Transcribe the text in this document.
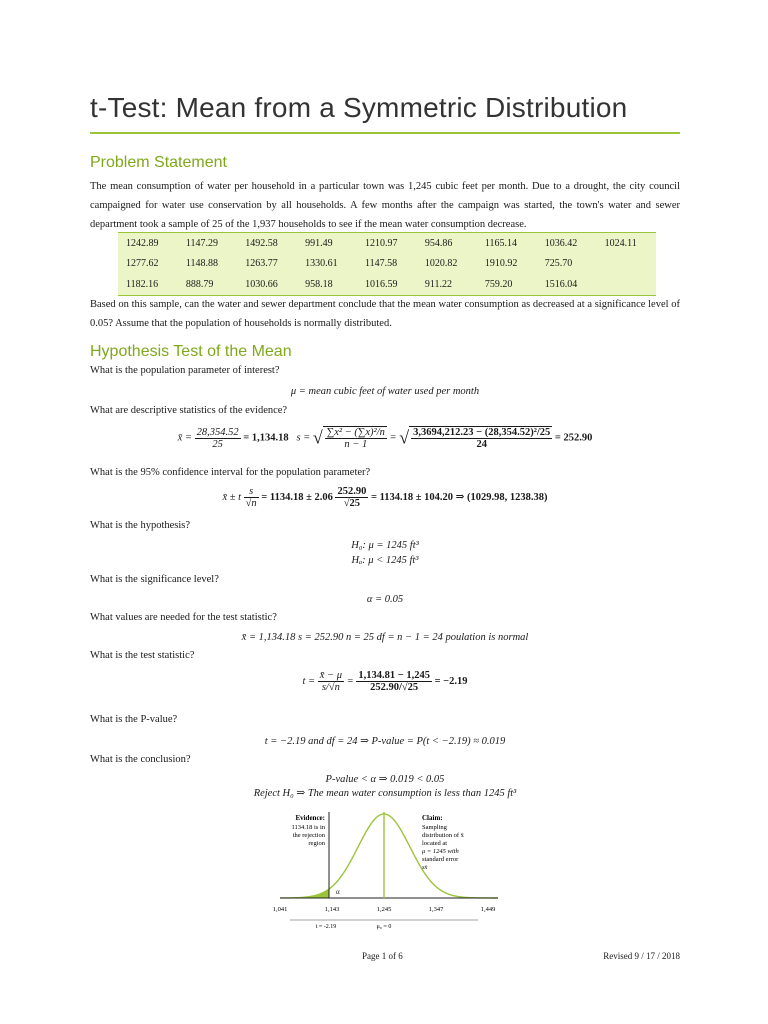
t-Test: Mean from a Symmetric Distribution
Problem Statement
The mean consumption of water per household in a particular town was 1,245 cubic feet per month. Due to a drought, the city council campaigned for water use conservation by all households. A few months after the campaign was started, the town's water and sewer department took a sample of 25 of the 1,937 households to see if the mean water consumption decrease.
1242.89	1147.29	1492.58	991.49	1210.97	954.86	1165.14	1036.42	1024.11
1277.62	1148.88	1263.77	1330.61	1147.58	1020.82	1910.92	725.70	
1182.16	888.79	1030.66	958.18	1016.59	911.22	759.20	1516.04	
Based on this sample, can the water and sewer department conclude that the mean water consumption as decreased at a significance level of 0.05? Assume that the population of households is normally distributed.
Hypothesis Test of the Mean
What is the population parameter of interest?
μ = mean cubic feet of water used per month
What are descriptive statistics of the evidence?
x̄ = $\frac{28,354.52}{25} = 1,134.18$ s = √ $\frac{\text{∑x² − (∑x)²/n}}{n - 1}$ = √ $\frac{\text{3,3694,212.23 − (28,354.52)²/25}}{24} = 252.90$
What is the 95% confidence interval for the population parameter?
x̄ ± t $\frac{s}{√n} = 1134.18 \pm 2.06 \frac{252.90}{√25} = 1134.18 \pm 104.20$ ⇒ (1029.98, 1238.38)
What is the hypothesis?
H₀: μ = 1245 ft³
Hₐ: μ < 1245 ft³
What is the significance level?
α = 0.05
What values are needed for the test statistic?
x̄ = 1,134.18 s = 252.90 n = 25 df = n − 1 = 24 poulation is normal
What is the test statistic?
$t = \frac{x̄ - \mu}{s/√n} = \frac{1,134.81 - 1,245}{252.90/√25} = -2.19$
What is the P-value?
t = −2.19 and df = 24 ⇒ P-value = P(t < −2.19) ≈ 0.019
What is the conclusion?
P-value < α ⇒ 0.019 < 0.05
Reject H₀ ⇒ The mean water consumption is less than 1245 ft³
Evidence:
1134.18 is in
the rejection
region
Claim:
Sampling
distribution of x̄
located at
μ = 1245 with
standard error
sx̄
α
1,041	1,143	1,245	1,347	1,449
t = -2.19	μ₀ = 0
Page 1 of 6	Revised 9 / 17 / 2018
